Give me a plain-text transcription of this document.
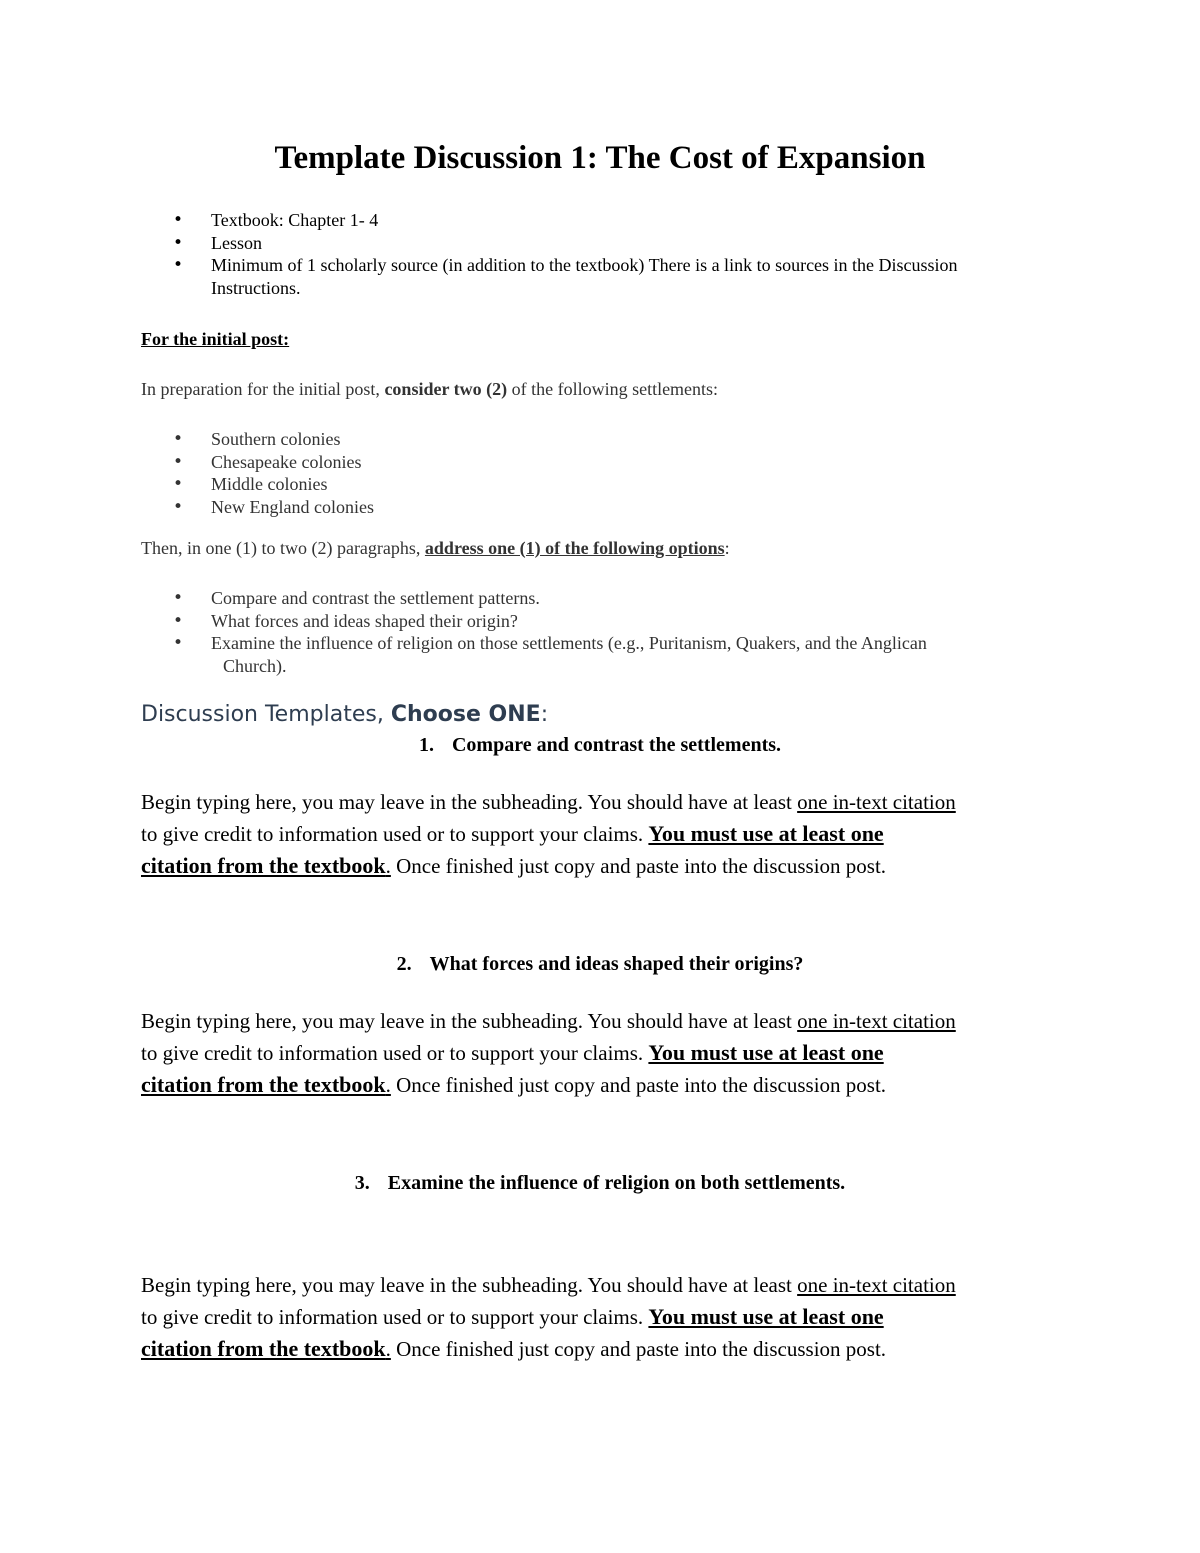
Template Discussion 1: The Cost of Expansion
• Textbook: Chapter 1- 4
• Lesson
• Minimum of 1 scholarly source (in addition to the textbook) There is a link to sources in the Discussion
Instructions.
For the initial post:
In preparation for the initial post, consider two (2) of the following settlements:
• Southern colonies
• Chesapeake colonies
• Middle colonies
• New England colonies
Then, in one (1) to two (2) paragraphs, address one (1) of the following options:
• Compare and contrast the settlement patterns.
• What forces and ideas shaped their origin?
• Examine the influence of religion on those settlements (e.g., Puritanism, Quakers, and the Anglican
Church).
Discussion Templates, Choose ONE:
1. Compare and contrast the settlements.
Begin typing here, you may leave in the subheading. You should have at least one in-text citation
to give credit to information used or to support your claims. You must use at least one
citation from the textbook. Once finished just copy and paste into the discussion post.
2. What forces and ideas shaped their origins?
Begin typing here, you may leave in the subheading. You should have at least one in-text citation
to give credit to information used or to support your claims. You must use at least one
citation from the textbook. Once finished just copy and paste into the discussion post.
3. Examine the influence of religion on both settlements.
Begin typing here, you may leave in the subheading. You should have at least one in-text citation
to give credit to information used or to support your claims. You must use at least one
citation from the textbook. Once finished just copy and paste into the discussion post.
